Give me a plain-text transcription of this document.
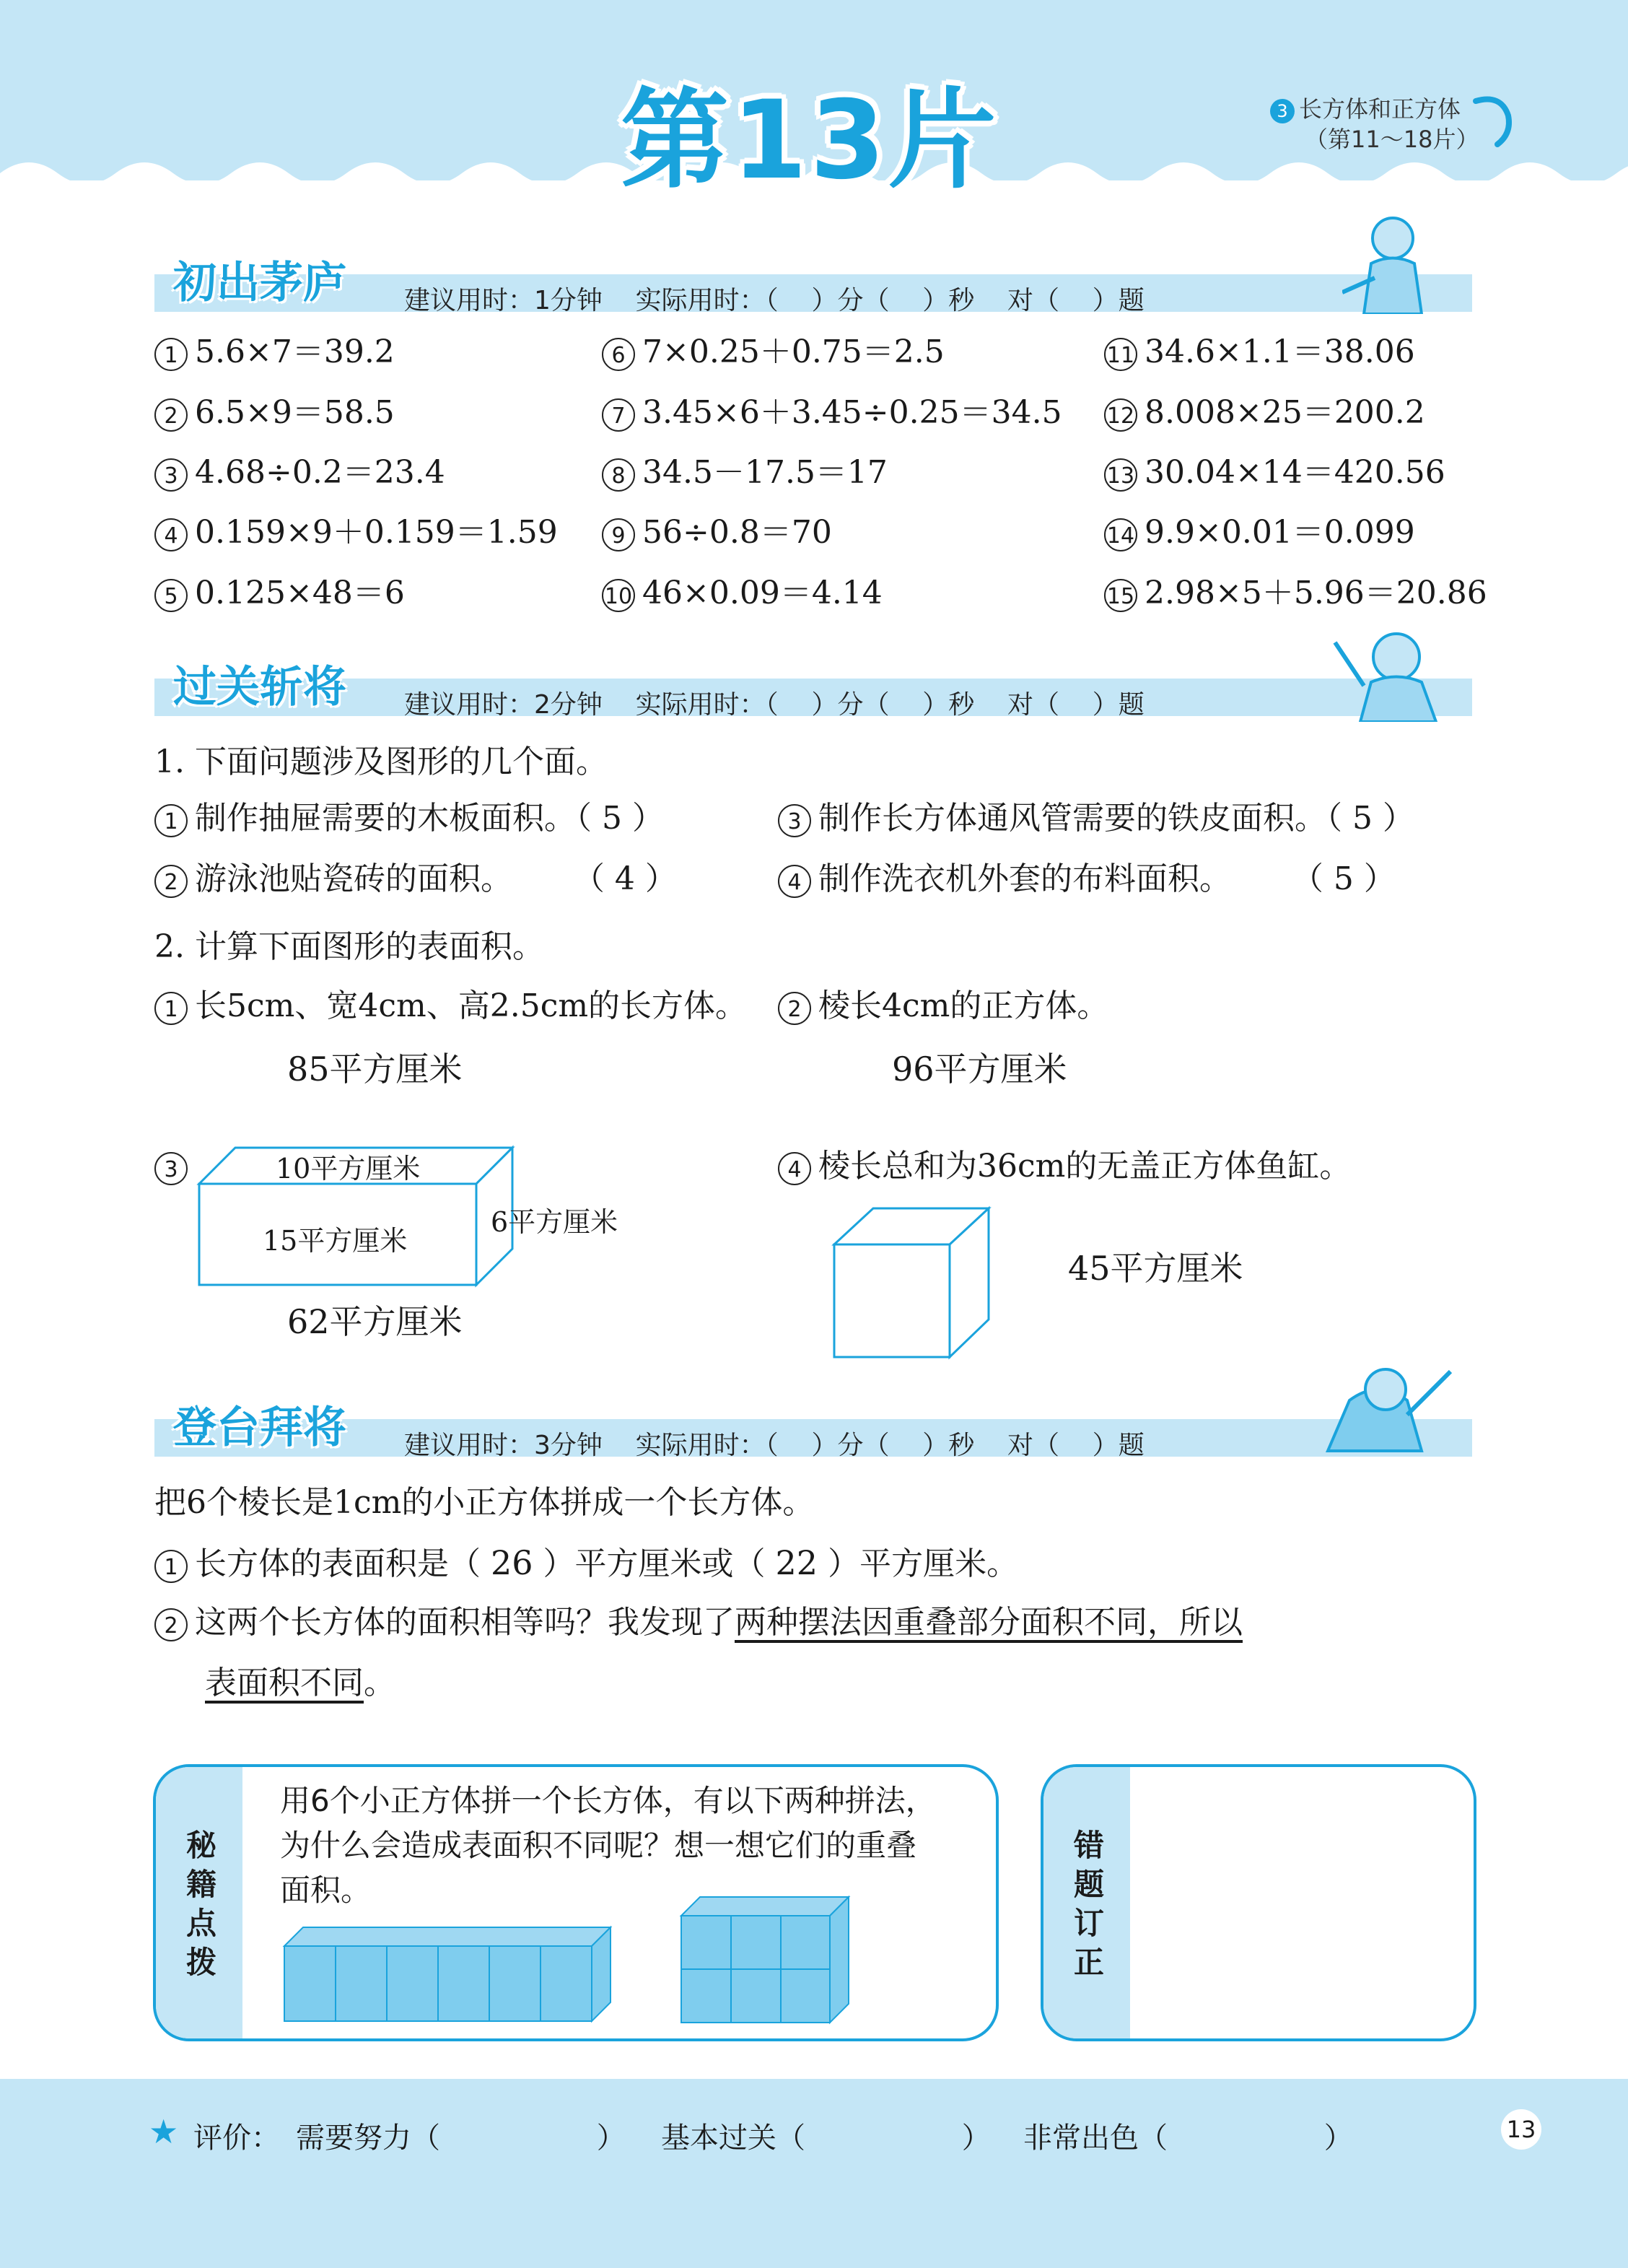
第13片	3 长方体和正方体
（第11～18片）
初出茅庐 建议用时：1分钟    实际用时：（    ）分（    ）秒    对（    ）题
1 5.6×7＝39.2
2 6.5×9＝58.5
3 4.68÷0.2＝23.4
4 0.159×9＋0.159＝1.59
5 0.125×48＝6
6 7×0.25＋0.75＝2.5
7 3.45×6＋3.45÷0.25＝34.5
8 34.5－17.5＝17
9 56÷0.8＝70
10 46×0.09＝4.14
11 34.6×1.1＝38.06
12 8.008×25＝200.2
13 30.04×14＝420.56
14 9.9×0.01＝0.099
15 2.98×5＋5.96＝20.86
过关斩将 建议用时：2分钟    实际用时：（    ）分（    ）秒    对（    ）题
1. 下面问题涉及图形的几个面。
1 制作抽屉需要的木板面积。（ 5 ）
2 游泳池贴瓷砖的面积。      （ 4 ）
3 制作长方体通风管需要的铁皮面积。（ 5 ）
4 制作洗衣机外套的布料面积。      （ 5 ）
2. 计算下面图形的表面积。
1 长5cm、宽4cm、高2.5cm的长方体。
85平方厘米
2 棱长4cm的正方体。
96平方厘米
3	10平方厘米
15平方厘米
6平方厘米
62平方厘米
4 棱长总和为36cm的无盖正方体鱼缸。
45平方厘米
登台拜将 建议用时：3分钟    实际用时：（    ）分（    ）秒    对（    ）题
把6个棱长是1cm的小正方体拼成一个长方体。
1 长方体的表面积是（ 26 ）平方厘米或（ 22 ）平方厘米。
2 这两个长方体的面积相等吗？我发现了两种摆法因重叠部分面积不同，所以
表面积不同。
秘籍点拨
用6个小正方体拼一个长方体，有以下两种拼法，
为什么会造成表面积不同呢？想一想它们的重叠
面积。
错题订正
★ 评价： 需要努力（         ） 基本过关（         ） 非常出色（         ）	13
